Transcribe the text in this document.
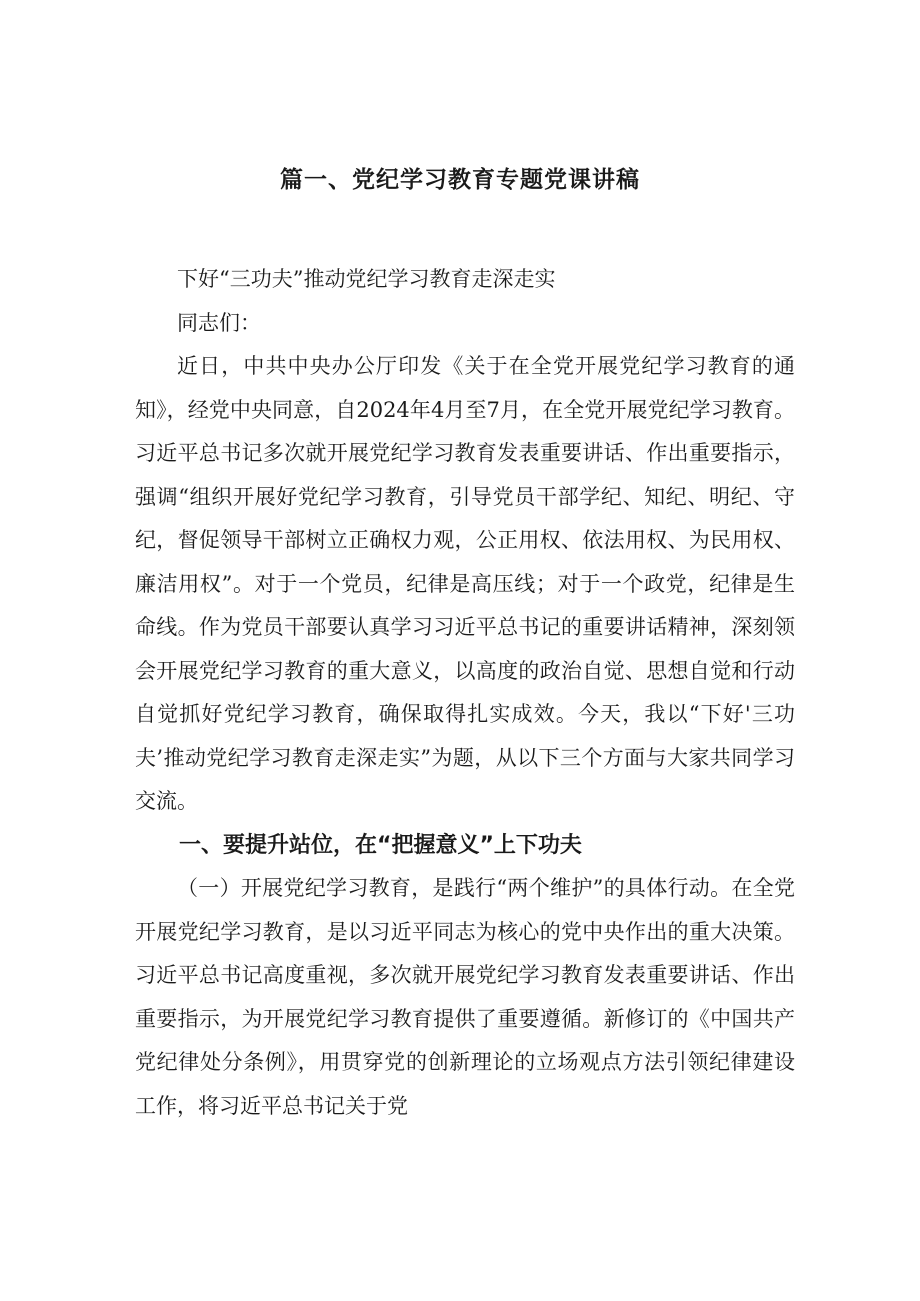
篇一、党纪学习教育专题党课讲稿

下好“三功夫”推动党纪学习教育走深走实

同志们：

近日，中共中央办公厅印发《关于在全党开展党纪学习教育的通知》，经党中央同意，自2024年4月至7月，在全党开展党纪学习教育。习近平总书记多次就开展党纪学习教育发表重要讲话、作出重要指示，强调“组织开展好党纪学习教育，引导党员干部学纪、知纪、明纪、守纪，督促领导干部树立正确权力观，公正用权、依法用权、为民用权、廉洁用权”。对于一个党员，纪律是高压线；对于一个政党，纪律是生命线。作为党员干部要认真学习习近平总书记的重要讲话精神，深刻领会开展党纪学习教育的重大意义，以高度的政治自觉、思想自觉和行动自觉抓好党纪学习教育，确保取得扎实成效。今天，我以“下好'三功夫’推动党纪学习教育走深走实”为题，从以下三个方面与大家共同学习交流。

一、要提升站位，在“把握意义”上下功夫

（一）开展党纪学习教育，是践行“两个维护”的具体行动。在全党开展党纪学习教育，是以习近平同志为核心的党中央作出的重大决策。习近平总书记高度重视，多次就开展党纪学习教育发表重要讲话、作出重要指示，为开展党纪学习教育提供了重要遵循。新修订的《中国共产党纪律处分条例》，用贯穿党的创新理论的立场观点方法引领纪律建设工作，将习近平总书记关于党
